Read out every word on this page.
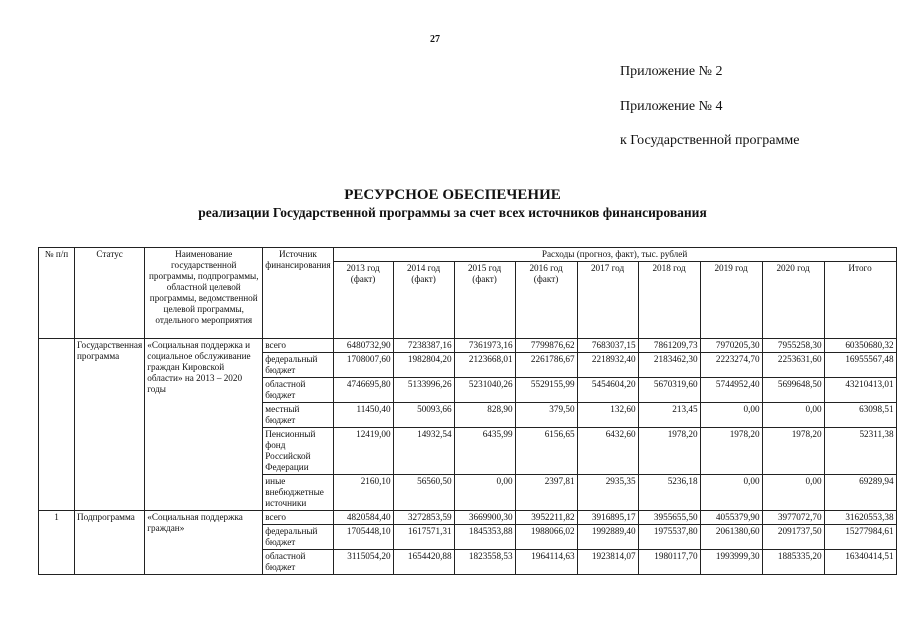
27
Приложение № 2
Приложение № 4
к Государственной программе
РЕСУРСНОЕ ОБЕСПЕЧЕНИЕ
реализации Государственной программы за счет всех источников финансирования
№ п/п	Статус	Наименование государственной программы, подпрограммы, областной целевой программы, ведомственной целевой программы, отдельного мероприятия	Источник финансирования	Расходы (прогноз, факт), тыс. рублей								
				2013 год (факт)	2014 год (факт)	2015 год (факт)	2016 год (факт)	2017 год	2018 год	2019 год	2020 год	Итого
	Государственная программа	«Социальная поддержка и социальное обслуживание граждан Кировской области» на 2013 – 2020 годы	всего	6480732,90	7238387,16	7361973,16	7799876,62	7683037,15	7861209,73	7970205,30	7955258,30	60350680,32
			федеральный бюджет	1708007,60	1982804,20	2123668,01	2261786,67	2218932,40	2183462,30	2223274,70	2253631,60	16955567,48
			областной бюджет	4746695,80	5133996,26	5231040,26	5529155,99	5454604,20	5670319,60	5744952,40	5699648,50	43210413,01
			местный бюджет	11450,40	50093,66	828,90	379,50	132,60	213,45	0,00	0,00	63098,51
			Пенсионный фонд Российской Федерации	12419,00	14932,54	6435,99	6156,65	6432,60	1978,20	1978,20	1978,20	52311,38
			иные внебюджетные источники	2160,10	56560,50	0,00	2397,81	2935,35	5236,18	0,00	0,00	69289,94
1	Подпрограмма	«Социальная поддержка граждан»	всего	4820584,40	3272853,59	3669900,30	3952211,82	3916895,17	3955655,50	4055379,90	3977072,70	31620553,38
			федеральный бюджет	1705448,10	1617571,31	1845353,88	1988066,02	1992889,40	1975537,80	2061380,60	2091737,50	15277984,61
			областной бюджет	3115054,20	1654420,88	1823558,53	1964114,63	1923814,07	1980117,70	1993999,30	1885335,20	16340414,51
